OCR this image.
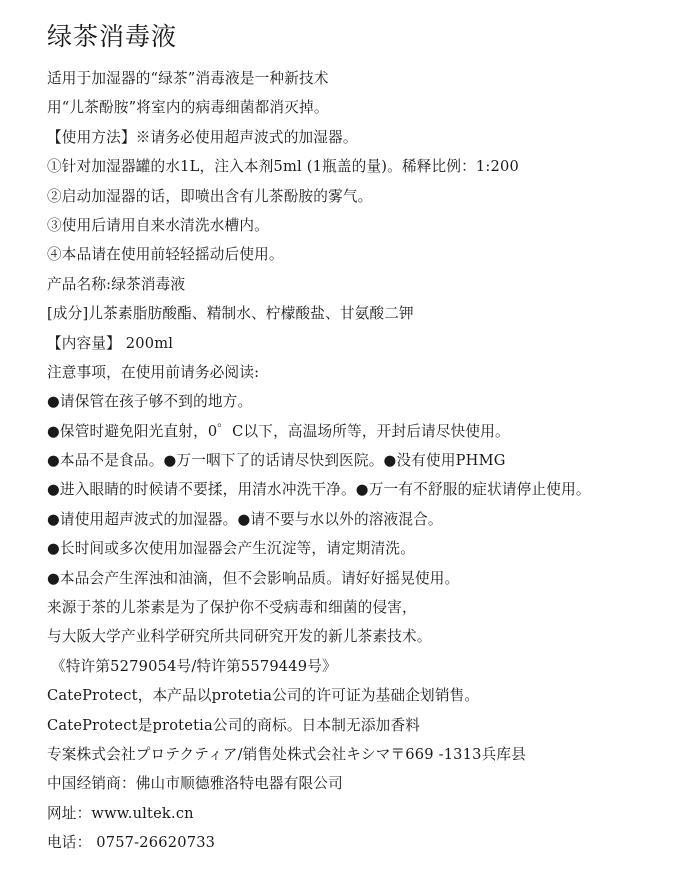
绿茶消毒液
适用于加湿器的“绿茶”消毒液是一种新技术
用“儿茶酚胺”将室内的病毒细菌都消灭掉。
【使用方法】※请务必使用超声波式的加湿器。
①针对加湿器罐的水1L，注入本剂5ml (1瓶盖的量)。稀释比例：1:200
②启动加湿器的话，即喷出含有儿茶酚胺的雾气。
③使用后请用自来水清洗水槽内。
④本品请在使用前轻轻摇动后使用。
产品名称:绿茶消毒液
[成分]儿茶素脂肪酸酯、精制水、柠檬酸盐、甘氨酸二钾
【内容量】 200ml
注意事项，在使用前请务必阅读:
●请保管在孩子够不到的地方。
●保管时避免阳光直射，0゜C以下，高温场所等，开封后请尽快使用。
●本品不是食品。●万一咽下了的话请尽快到医院。●没有使用PHMG
●进入眼睛的时候请不要揉，用清水冲洗干净。●万一有不舒服的症状请停止使用。
●请使用超声波式的加湿器。●请不要与水以外的溶液混合。
●长时间或多次使用加湿器会产生沉淀等，请定期清洗。
●本品会产生浑浊和油滴，但不会影响品质。请好好摇晃使用。
来源于茶的儿茶素是为了保护你不受病毒和细菌的侵害，
与大阪大学产业科学研究所共同研究开发的新儿茶素技术。
《特许第5279054号/特许第5579449号》
CateProtect，本产品以protetia公司的许可证为基础企划销售。
CateProtect是protetia公司的商标。日本制无添加香料
专案株式会社プロテクティア/销售处株式会社キシマ〒669 -1313兵库县
中国经销商：佛山市顺德雅洛特电器有限公司
网址：www.ultek.cn
电话： 0757-26620733
